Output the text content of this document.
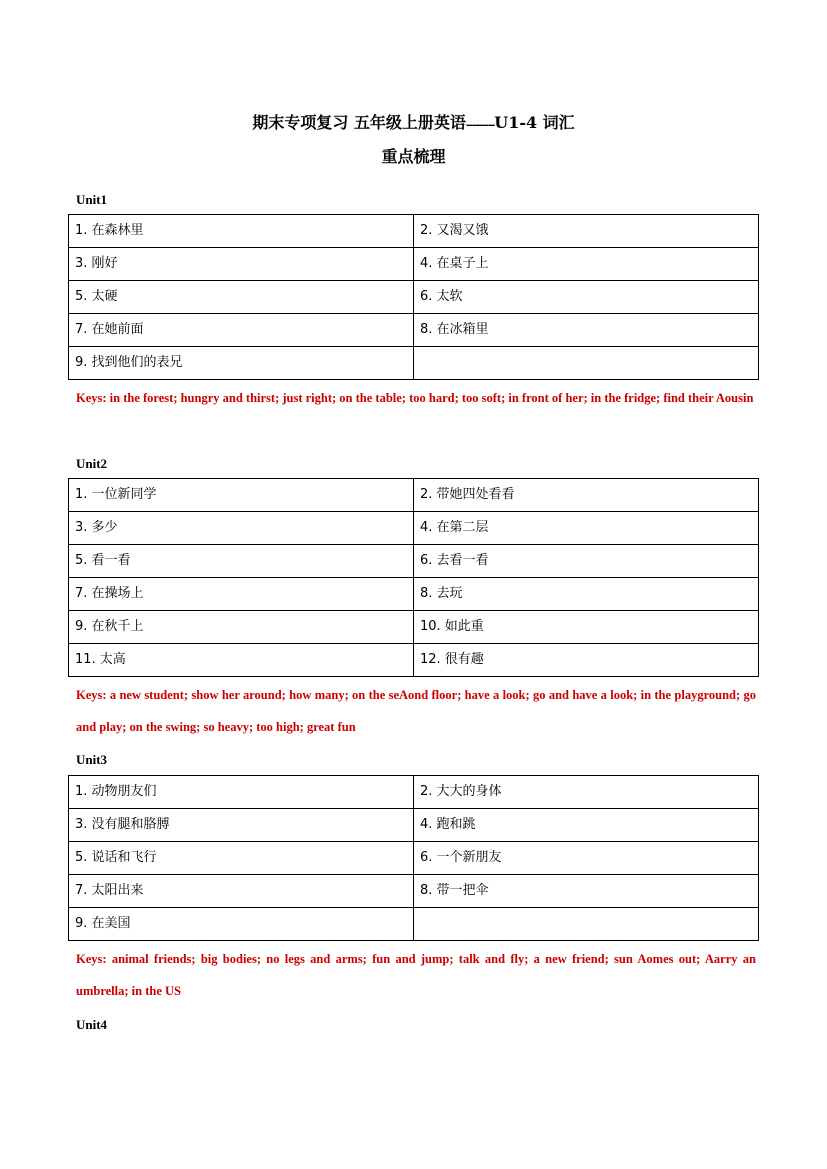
期末专项复习 五年级上册英语---------U1-4 词汇
重点梳理
Unit1
1. 在森林里	2. 又渴又饿
3. 刚好	4. 在桌子上
5. 太硬	6. 太软
7. 在她前面	8. 在冰箱里
9. 找到他们的表兄	
Keys: in the forest; hungry and thirst; just right; on the table; too hard; too soft; in front of her; in the fridge; find their Aousin
Unit2
1. 一位新同学	2. 带她四处看看
3. 多少	4. 在第二层
5. 看一看	6. 去看一看
7. 在操场上	8. 去玩
9. 在秋千上	10. 如此重
11. 太高	12. 很有趣
Keys: a new student; show her around; how many; on the seAond floor; have a look; go and have a look; in the playground; go and play; on the swing; so heavy; too high; great fun
Unit3
1. 动物朋友们	2. 大大的身体
3. 没有腿和胳膊	4. 跑和跳
5. 说话和飞行	6. 一个新朋友
7. 太阳出来	8. 带一把伞
9. 在美国	
Keys: animal friends; big bodies; no legs and arms; fun and jump; talk and fly; a new friend; sun Aomes out; Aarry an umbrella; in the US
Unit4
